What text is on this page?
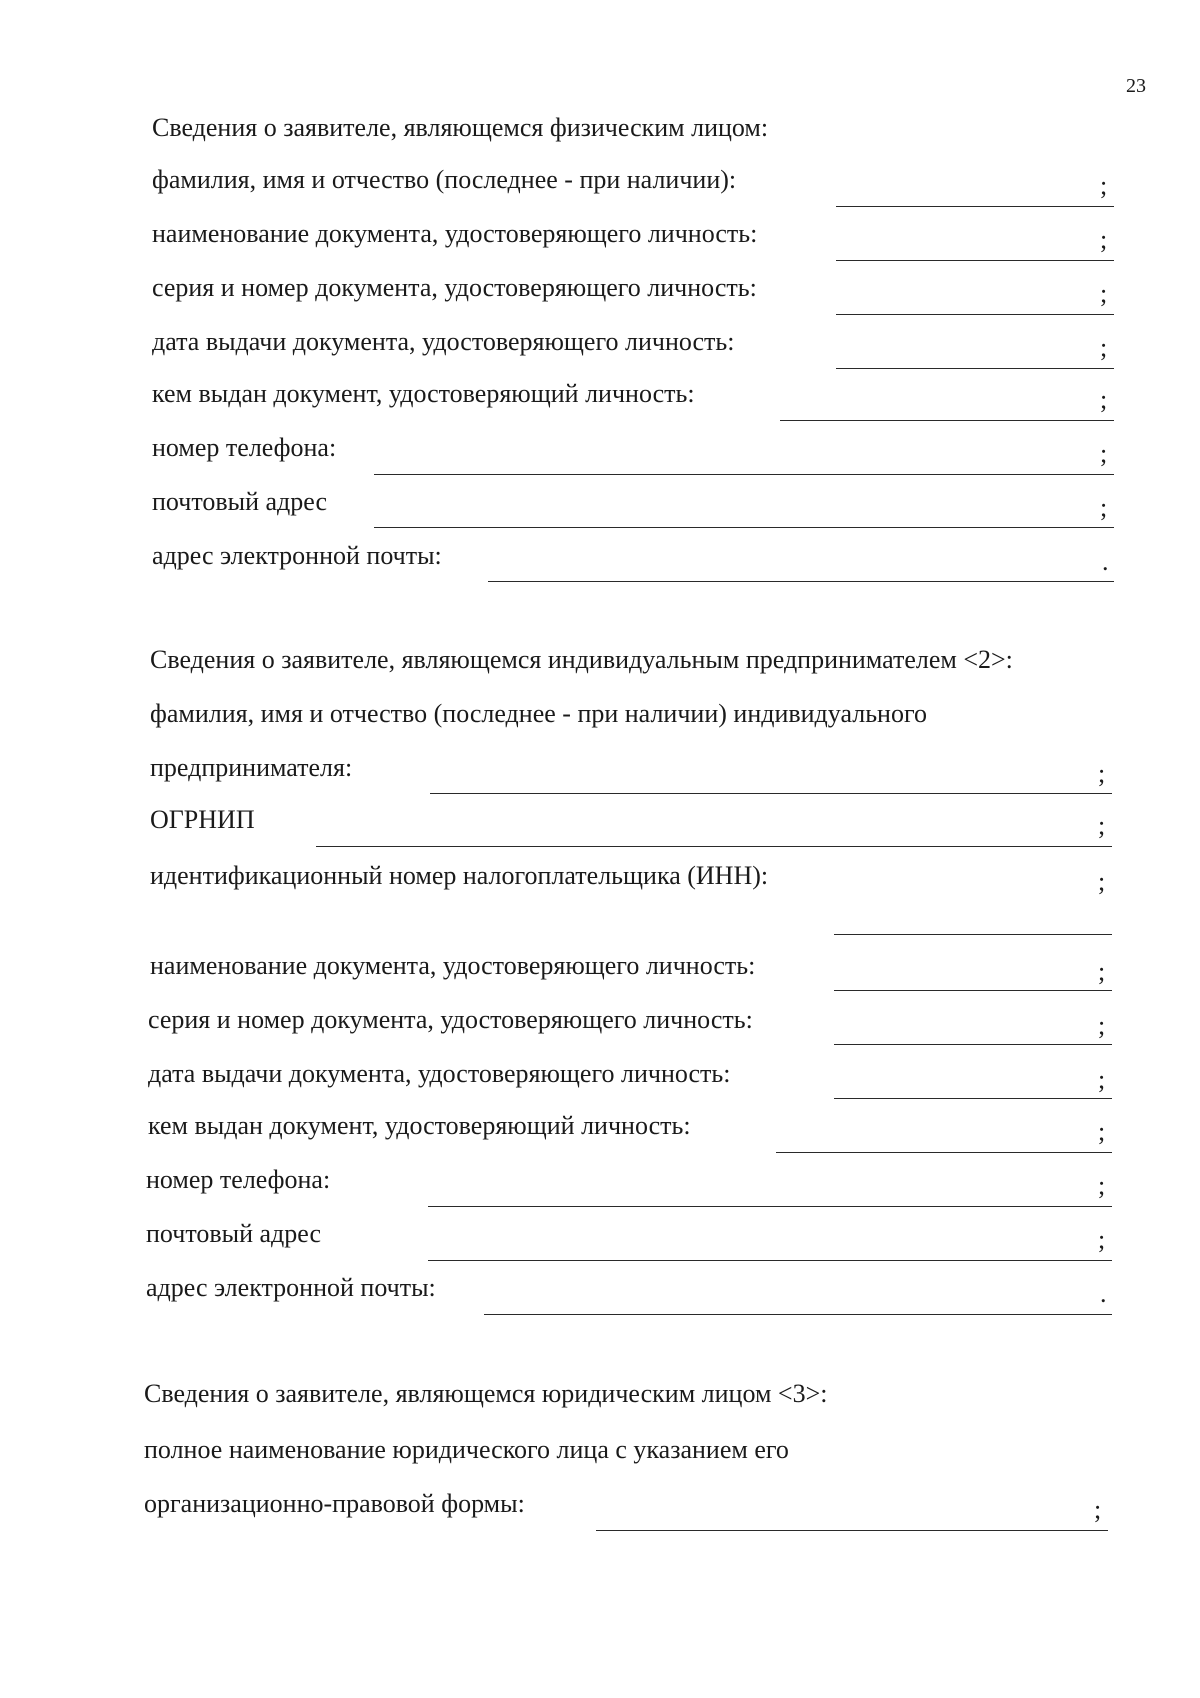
23
Сведения о заявителе, являющемся физическим лицом:
фамилия, имя и отчество (последнее - при наличии):	;
наименование документа, удостоверяющего личность:	;
серия и номер документа, удостоверяющего личность:	;
дата выдачи документа, удостоверяющего личность:	;
кем выдан документ, удостоверяющий личность:	;
номер телефона:	;
почтовый адрес	;
адрес электронной почты:	.
Сведения о заявителе, являющемся индивидуальным предпринимателем <2>:
фамилия, имя и отчество (последнее - при наличии) индивидуального
предпринимателя:	;
ОГРНИП	;
идентификационный номер налогоплательщика (ИНН):	;
наименование документа, удостоверяющего личность:	;
серия и номер документа, удостоверяющего личность:	;
дата выдачи документа, удостоверяющего личность:	;
кем выдан документ, удостоверяющий личность:	;
номер телефона:	;
почтовый адрес	;
адрес электронной почты:	.
Сведения о заявителе, являющемся юридическим лицом <3>:
полное наименование юридического лица с указанием его
организационно-правовой формы:	;
